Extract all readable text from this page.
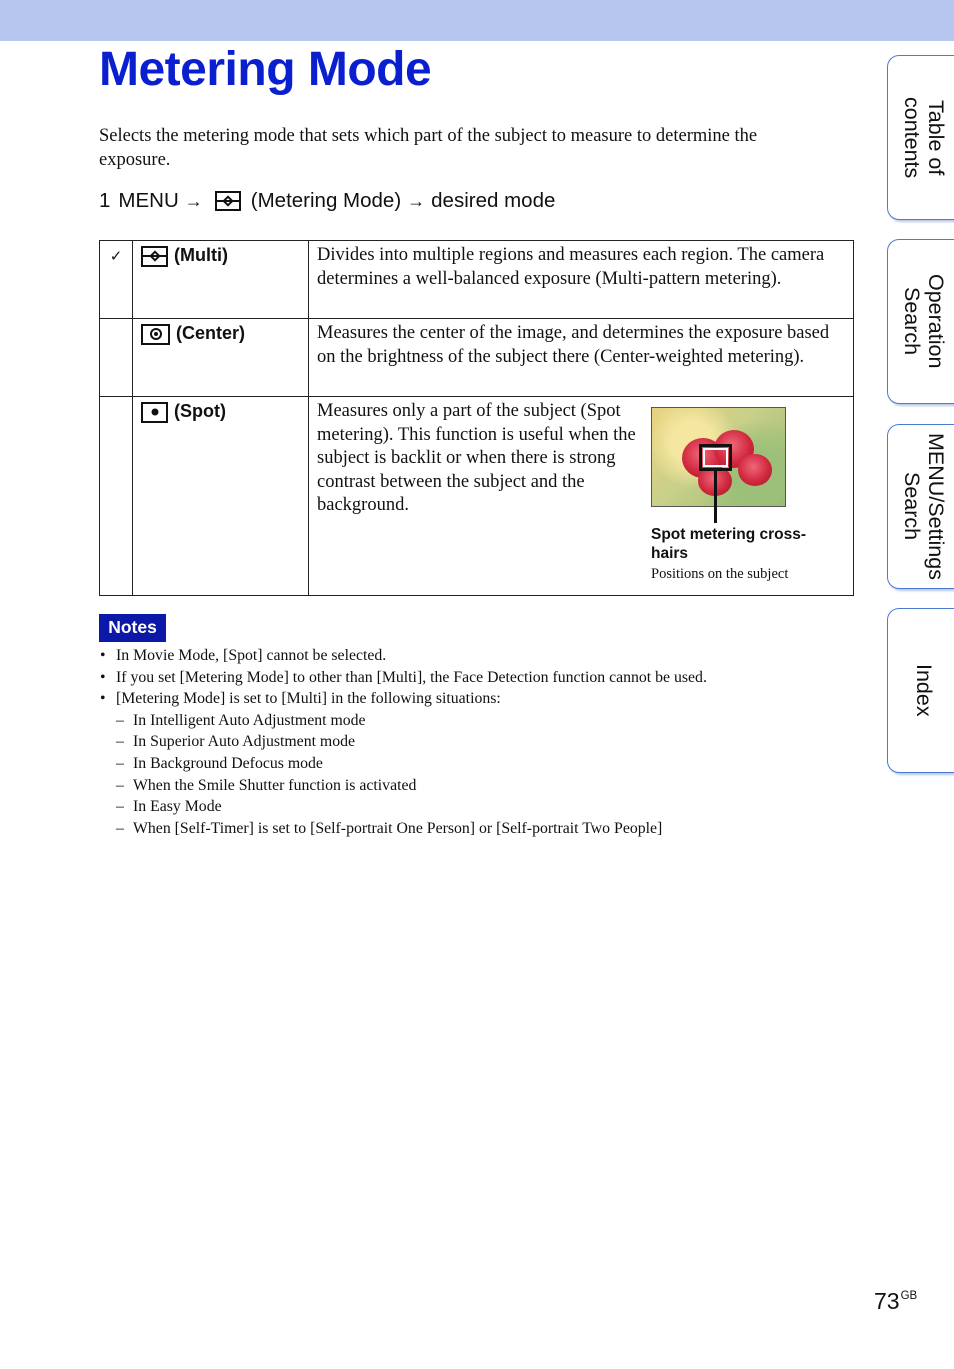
Metering Mode
Selects the metering mode that sets which part of the subject to measure to determine the exposure.
1 MENU → (Metering Mode) → desired mode
✓	(Multi)	Divides into multiple regions and measures each region. The camera determines a well-balanced exposure (Multi-pattern metering).
	(Center)	Measures the center of the image, and determines the exposure based on the brightness of the subject there (Center-weighted metering).
	(Spot)	Measures only a part of the subject (Spot metering). This function is useful when the subject is backlit or when there is strong contrast between the subject and the background.
Spot metering cross-hairs
Positions on the subject
Notes
• In Movie Mode, [Spot] cannot be selected.
• If you set [Metering Mode] to other than [Multi], the Face Detection function cannot be used.
• [Metering Mode] is set to [Multi] in the following situations:
– In Intelligent Auto Adjustment mode
– In Superior Auto Adjustment mode
– In Background Defocus mode
– When the Smile Shutter function is activated
– In Easy Mode
– When [Self-Timer] is set to [Self-portrait One Person] or [Self-portrait Two People]
Table of
contents
Operation
Search
MENU/Settings
Search
Index
$73^{GB}$
